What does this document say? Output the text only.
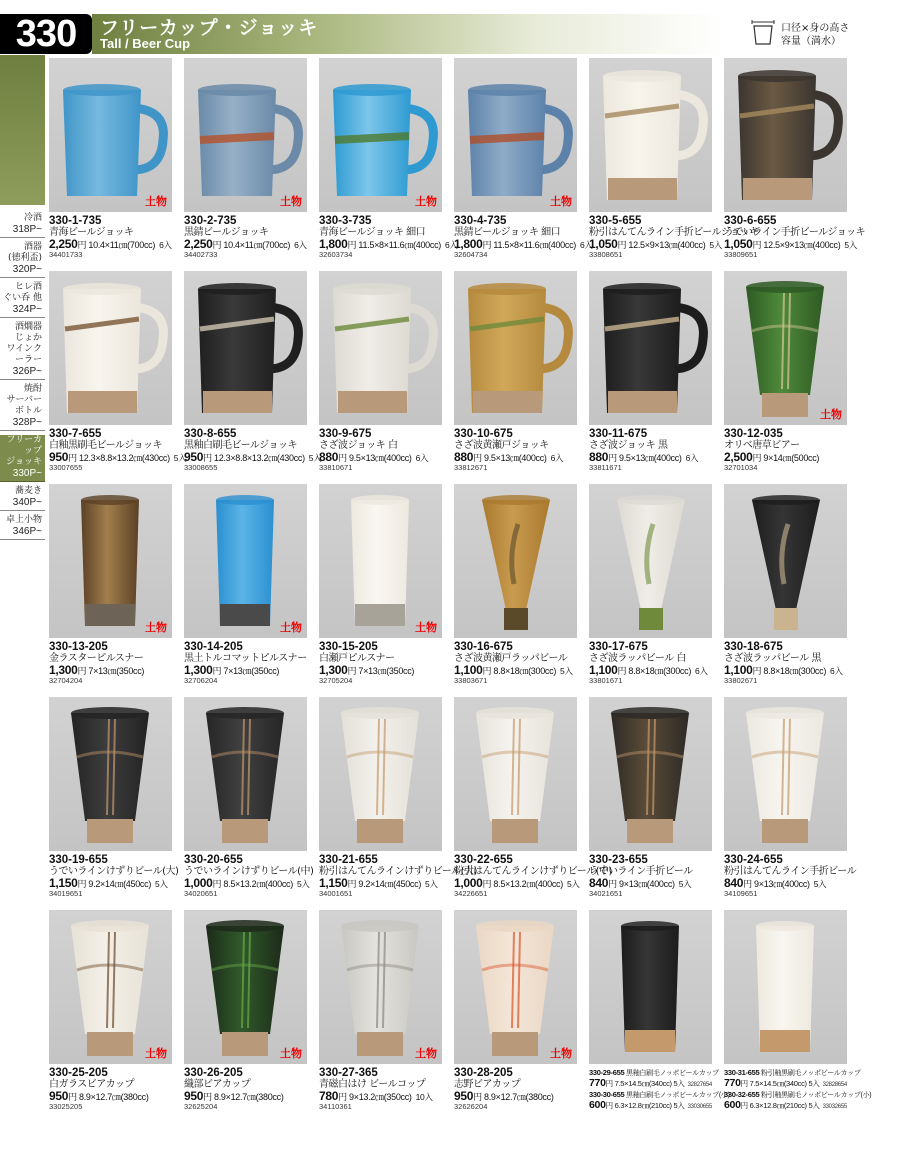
330	フリーカップ・ジョッキ
Tall / Beer Cup
口径×身の高さ
容量（満水）
冷酒
318P~
酒器
(徳利盃)
320P~
ヒレ酒
ぐい呑 他
324P~
酒燗器
じょか
ワインクーラー
326P~
焼酎
サーバー
ボトル
328P~
フリーカップ
ジョッキ
330P~
蕎麦き
340P~
卓上小物
346P~
土物
330-1-735
青海ビールジョッキ
2,250円 10.4×11㎝(700cc) 6入
34401733
土物
330-2-735
黒錆ビールジョッキ
2,250円 10.4×11㎝(700cc) 6入
34402733
土物
330-3-735
青海ビールジョッキ 細口
1,800円 11.5×8×11.6㎝(400cc) 6入
32603734
土物
330-4-735
黒錆ビールジョッキ 細口
1,800円 11.5×8×11.6㎝(400cc) 6入
32604734
330-5-655
粉引はんてんライン手折ビールジョッキ
1,050円 12.5×9×13㎝(400cc) 5入
33808651
330-6-655
うでいライン手折ビールジョッキ
1,050円 12.5×9×13㎝(400cc) 5入
33809651
330-7-655
白釉黒刷毛ビールジョッキ
950円 12.3×8.8×13.2㎝(430cc) 5入
33007655
330-8-655
黒釉白刷毛ビールジョッキ
950円 12.3×8.8×13.2㎝(430cc) 5入
33008655
330-9-675
さざ波ジョッキ 白
880円 9.5×13㎝(400cc) 6入
33810671
330-10-675
さざ波黄瀬戸ジョッキ
880円 9.5×13㎝(400cc) 6入
33812671
330-11-675
さざ波ジョッキ 黒
880円 9.5×13㎝(400cc) 6入
33811671
土物
330-12-035
オリベ唐草ビアー
2,500円 9×14㎝(500cc)
32701034
土物
330-13-205
金ラスターピルスナー
1,300円 7×13㎝(350cc)
32704204
土物
330-14-205
黒土トルコマットピルスナー
1,300円 7×13㎝(350cc)
32706204
土物
330-15-205
白瀬戸ピルスナー
1,300円 7×13㎝(350cc)
32705204
330-16-675
さざ波黄瀬戸ラッパビール
1,100円 8.8×18㎝(300cc) 5入
33803671
330-17-675
さざ波ラッパビール 白
1,100円 8.8×18㎝(300cc) 6入
33801671
330-18-675
さざ波ラッパビール 黒
1,100円 8.8×18㎝(300cc) 6入
33802671
330-19-655
うでいラインけずりビール(大)
1,150円 9.2×14㎝(450cc) 5入
34019651
330-20-655
うでいラインけずりビール(中)
1,000円 8.5×13.2㎝(400cc) 5入
34020651
330-21-655
粉引はんてんラインけずりビール(大)
1,150円 9.2×14㎝(450cc) 5入
34001651
330-22-655
粉引はんてんラインけずりビール(中)
1,000円 8.5×13.2㎝(400cc) 5入
34226651
330-23-655
うでいライン手折ビール
840円 9×13㎝(400cc) 5入
34021651
330-24-655
粉引はんてんライン手折ビール
840円 9×13㎝(400cc) 5入
34109651
土物
330-25-205
白ガラスビアカップ
950円 8.9×12.7㎝(380cc)
33025205
土物
330-26-205
織部ビアカップ
950円 8.9×12.7㎝(380cc)
32625204
土物
330-27-365
青磁白はけ ビールコップ
780円 9×13.2㎝(350cc) 10入
34110361
土物
330-28-205
志野ビアカップ
950円 8.9×12.7㎝(380cc)
32626204
330-29-655 黒釉白刷毛ノッポビールカップ
770円 7.5×14.5㎝(340cc) 5入 32827654
330-30-655 黒釉白刷毛ノッポビールカップ(小)
600円 6.3×12.8㎝(210cc) 5入 33030655
330-31-655 粉引釉黒刷毛ノッポビールカップ
770円 7.5×14.5㎝(340cc) 5入 32828654
330-32-655 粉引釉黒刷毛ノッポビールカップ(小)
600円 6.3×12.8㎝(210cc) 5入 33032655
